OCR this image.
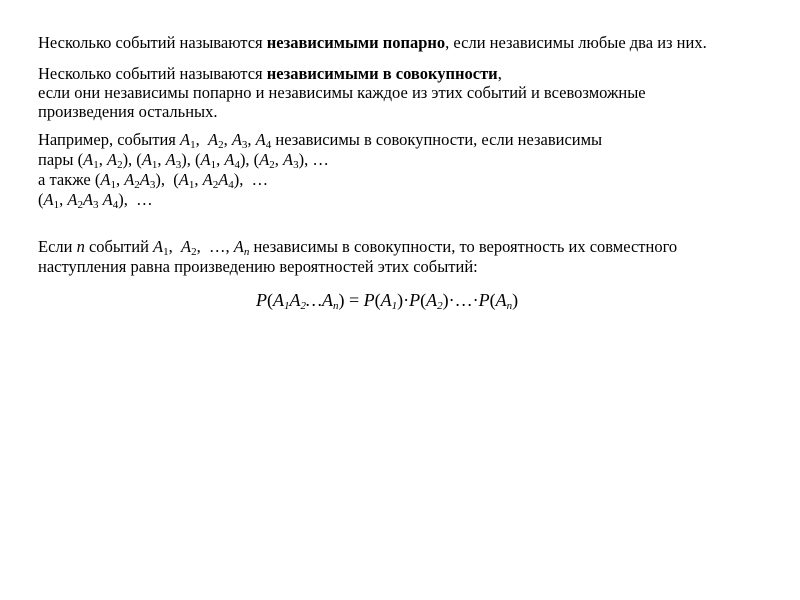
Несколько событий называются независимыми попарно, если независимы любые два из них.
Несколько событий называются независимыми в совокупности,
если они независимы попарно и независимы каждое из этих событий и всевозможные
произведения остальных.
Например, события $A_1$,  $A_2$, $A_3$, $A_4$ независимы в совокупности, если независимы
пары ($A_1$, $A_2$), ($A_1$, $A_3$), ($A_1$, $A_4$), ($A_2$, $A_3$), …
а также ($A_1$, $A_2A_3$),  ($A_1$, $A_2A_4$),  …
($A_1$, $A_2A_3$ $A_4$),  …
Если n событий $A_1$,  $A_2$,  …, $A_n$ независимы в совокупности, то вероятность их совместного
наступления равна произведению вероятностей этих событий:
$P(A_1A_2\dots A_n)$ = $P(A_1)\cdot P(A_2)\cdot\dots\cdot P(A_n)$
